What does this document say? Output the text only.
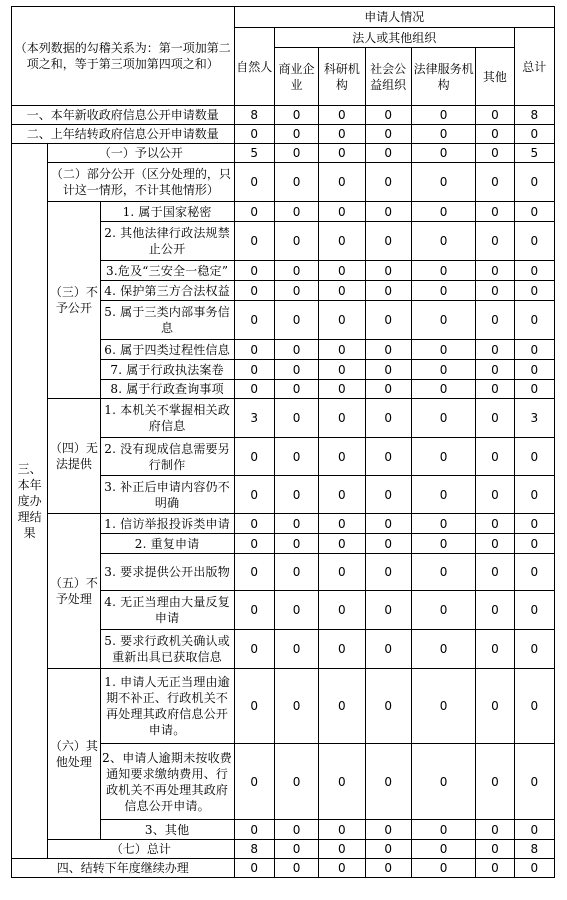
（本列数据的勾稽关系为：第一项加第二项之和，等于第三项加第四项之和）			申请人情况						
			自然人	法人或其他组织					总计
				商业企业	科研机构	社会公益组织	法律服务机构	其他	
一、本年新收政府信息公开申请数量			8	0	0	0	0	0	8
二、上年结转政府信息公开申请数量			0	0	0	0	0	0	0
三、本年度办理结果	（一）予以公开		5	0	0	0	0	0	5
	（二）部分公开（区分处理的，只计这一情形，不计其他情形）		0	0	0	0	0	0	0
	（三）不予公开	1. 属于国家秘密	0	0	0	0	0	0	0
		2. 其他法律行政法规禁止公开	0	0	0	0	0	0	0
		3.危及“三安全一稳定”	0	0	0	0	0	0	0
		4. 保护第三方合法权益	0	0	0	0	0	0	0
		5. 属于三类内部事务信息	0	0	0	0	0	0	0
		6. 属于四类过程性信息	0	0	0	0	0	0	0
		7. 属于行政执法案卷	0	0	0	0	0	0	0
		8. 属于行政查询事项	0	0	0	0	0	0	0
	（四）无法提供	1. 本机关不掌握相关政府信息	3	0	0	0	0	0	3
		2. 没有现成信息需要另行制作	0	0	0	0	0	0	0
		3. 补正后申请内容仍不明确	0	0	0	0	0	0	0
	（五）不予处理	1. 信访举报投诉类申请	0	0	0	0	0	0	0
		2. 重复申请	0	0	0	0	0	0	0
		3. 要求提供公开出版物	0	0	0	0	0	0	0
		4. 无正当理由大量反复申请	0	0	0	0	0	0	0
		5. 要求行政机关确认或重新出具已获取信息	0	0	0	0	0	0	0
	（六）其他处理	1. 申请人无正当理由逾期不补正、行政机关不再处理其政府信息公开申请。	0	0	0	0	0	0	0
		2、申请人逾期未按收费通知要求缴纳费用、行政机关不再处理其政府信息公开申请。	0	0	0	0	0	0	0
		3、其他	0	0	0	0	0	0	0
	（七）总计		8	0	0	0	0	0	8
四、结转下年度继续办理			0	0	0	0	0	0	0
